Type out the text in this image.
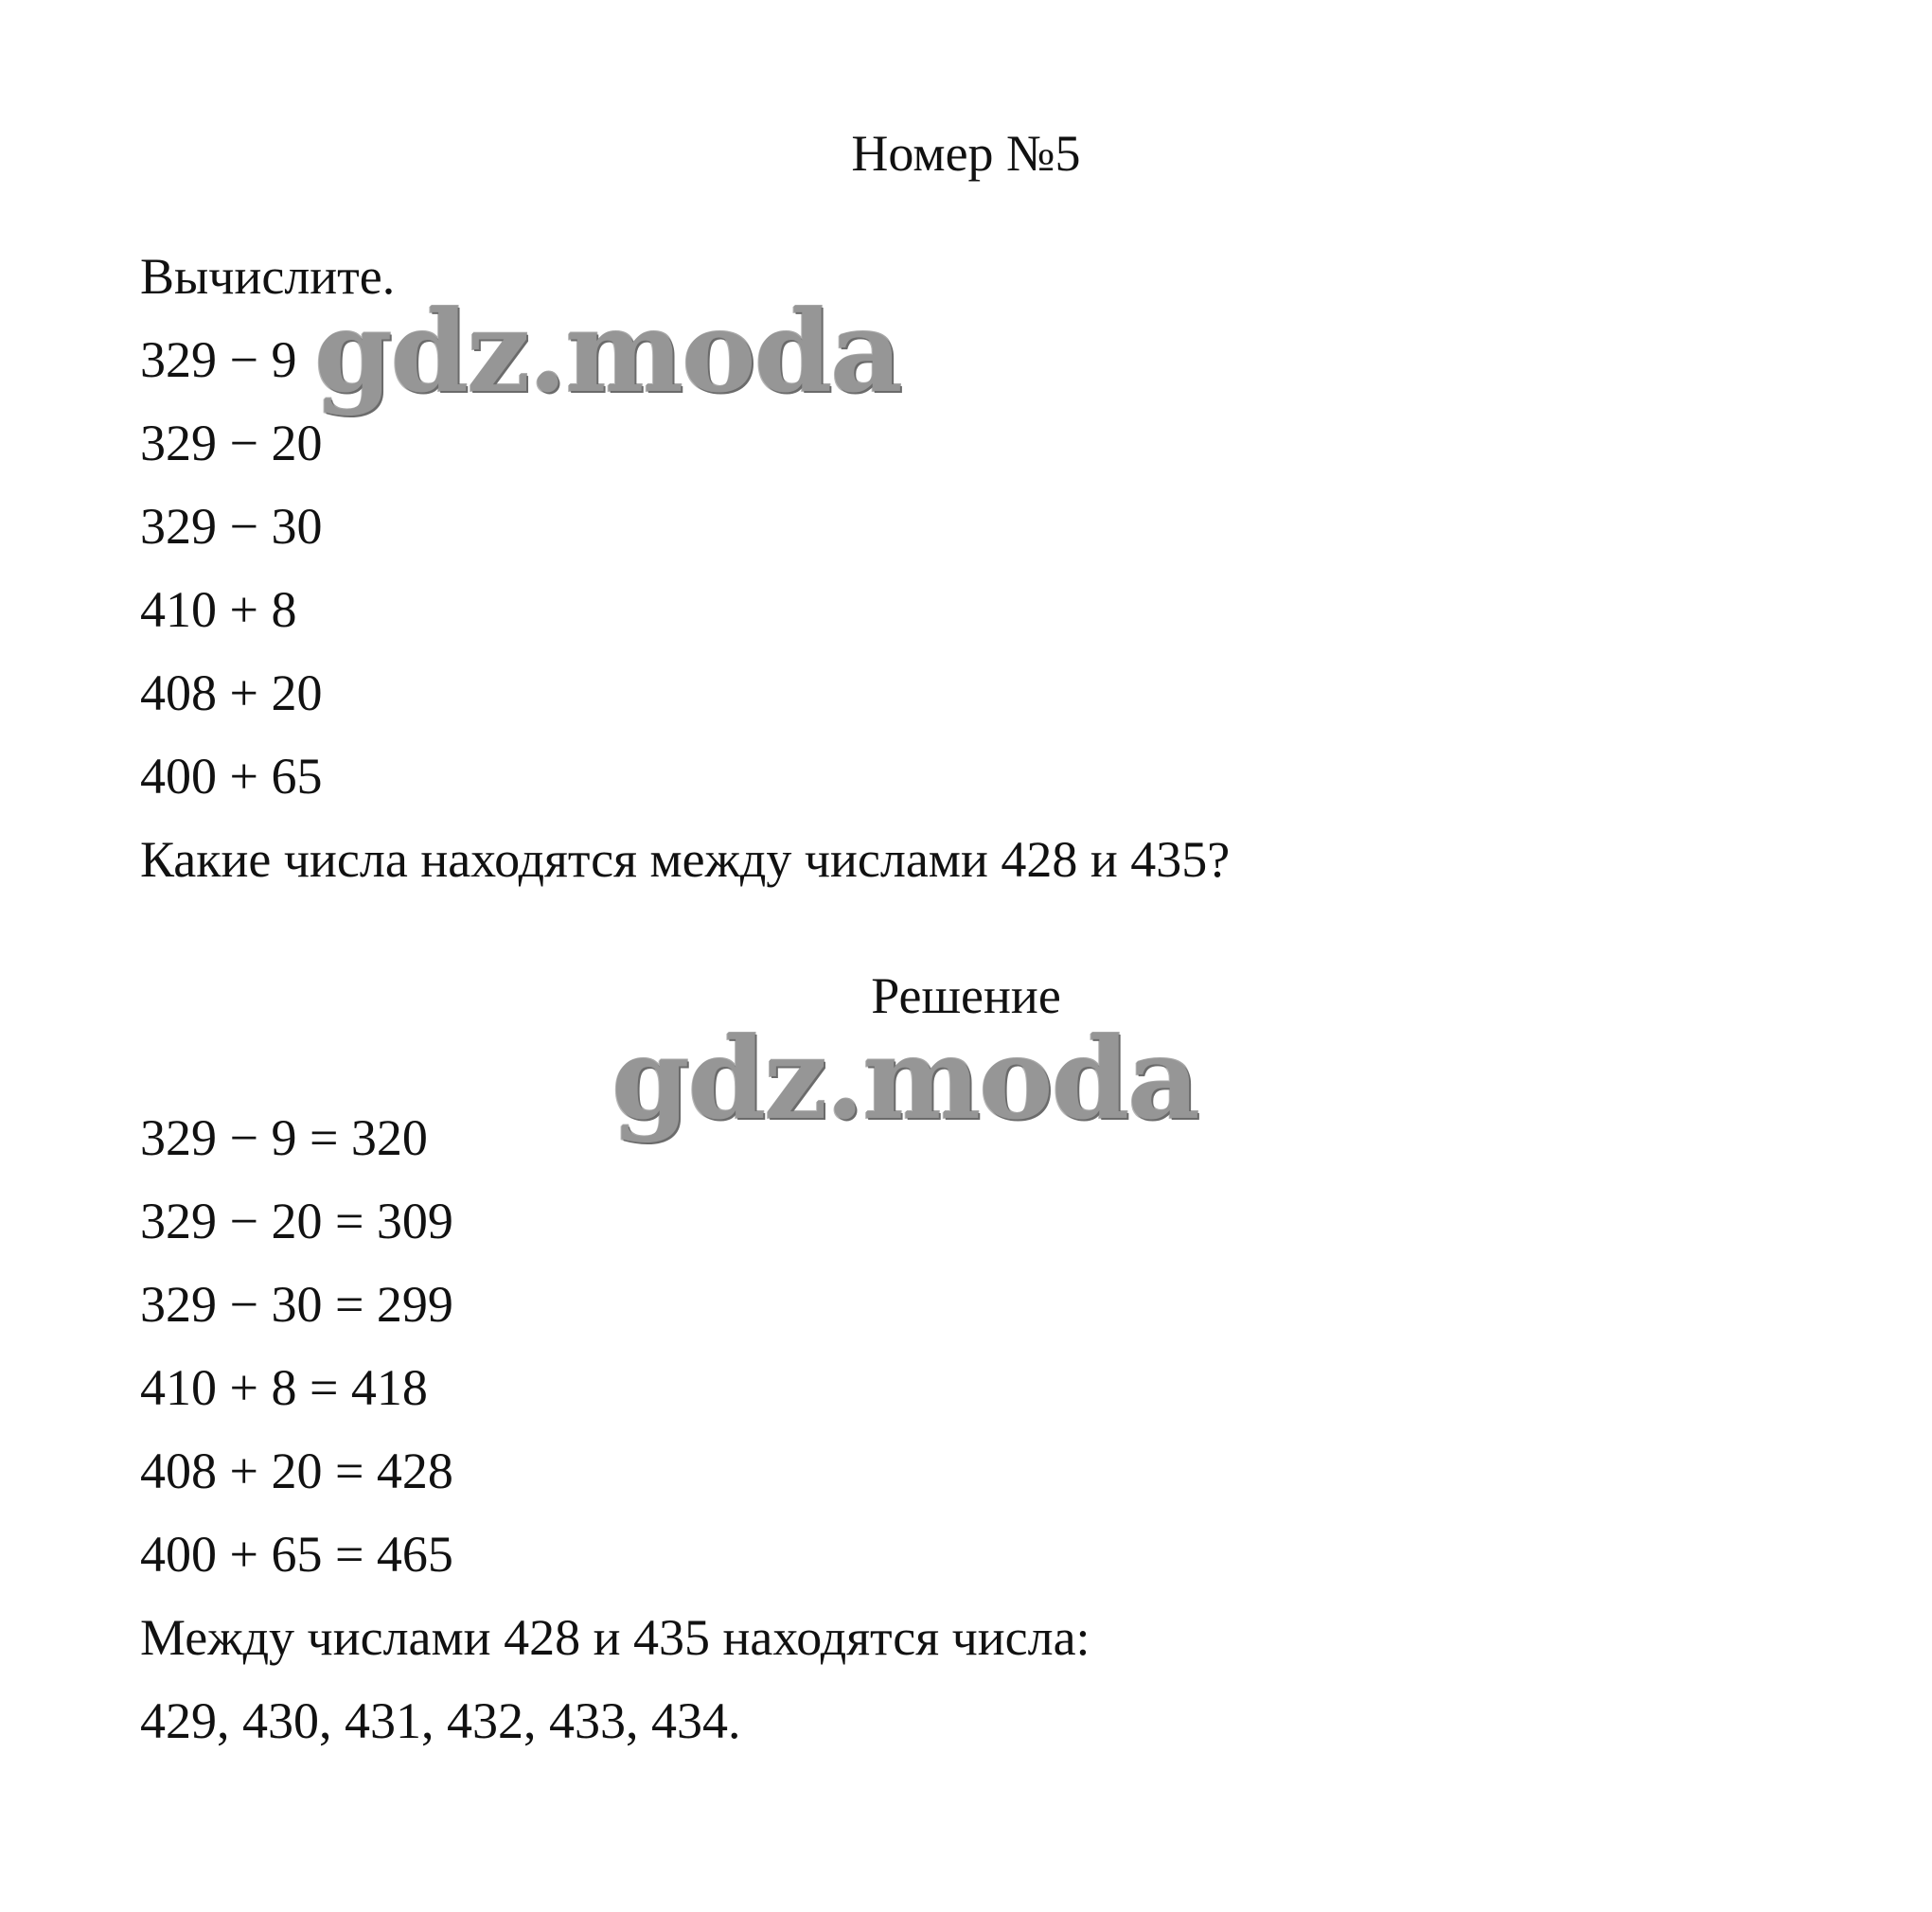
Номер №5
Вычислите.
329 − 9
329 − 20
329 − 30
410 + 8
408 + 20
400 + 65
Какие числа находятся между числами 428 и 435?
Решение
329 − 9 = 320
329 − 20 = 309
329 − 30 = 299
410 + 8 = 418
408 + 20 = 428
400 + 65 = 465
Между числами 428 и 435 находятся числа:
429, 430, 431, 432, 433, 434.
gdz.moda
gdz.moda
